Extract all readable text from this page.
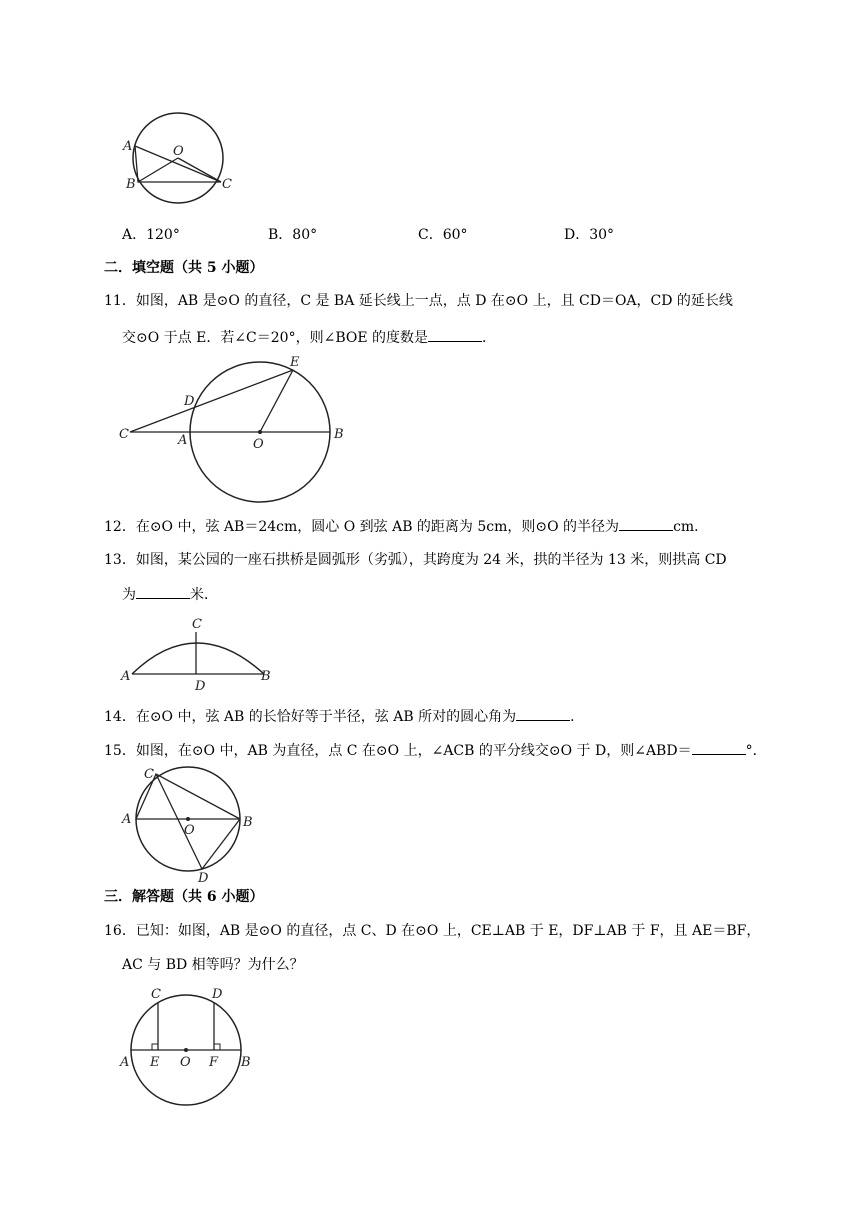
A
B	C
O
A．120°	B．80°	C．60°	D．30°
二．填空题（共 5 小题）
11．如图，AB 是⊙O 的直径，C 是 BA 延长线上一点，点 D 在⊙O 上，且 CD＝OA，CD 的延长线
交⊙O 于点 E．若∠C＝20°，则∠BOE 的度数是	．
E
D
C	A	O
B
12．在⊙O 中，弦 AB＝24cm，圆心 O 到弦 AB 的距离为 5cm，则⊙O 的半径为	cm．
13．如图，某公园的一座石拱桥是圆弧形（劣弧），其跨度为 24 米，拱的半径为 13 米，则拱高 CD
为	米．
C
A
D
B
14．在⊙O 中，弦 AB 的长恰好等于半径，弦 AB 所对的圆心角为	．
15．如图，在⊙O 中，AB 为直径，点 C 在⊙O 上，∠ACB 的平分线交⊙O 于 D，则∠ABD＝	°．
C
A
O
B
D
三．解答题（共 6 小题）
16．已知：如图，AB 是⊙O 的直径，点 C、D 在⊙O 上，CE⊥AB 于 E，DF⊥AB 于 F，且 AE＝BF，
AC 与 BD 相等吗？为什么？
C	D
A E O F B
